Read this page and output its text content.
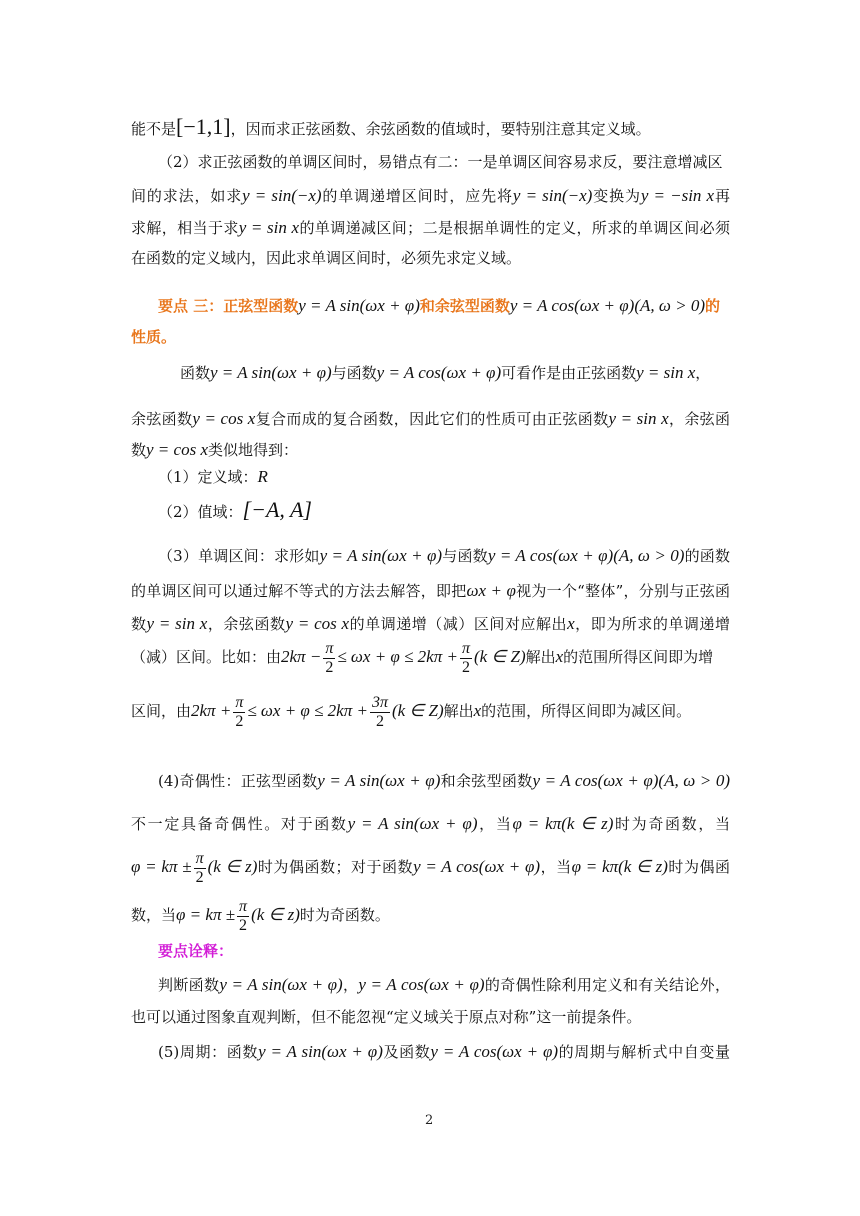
能不是[−1,1]，因而求正弦函数、余弦函数的值域时，要特别注意其定义域。
（2）求正弦函数的单调区间时，易错点有二：一是单调区间容易求反，要注意增减区
间的求法，如求y = sin(−x)的单调递增区间时，应先将y = sin(−x)变换为y = −sin x再
求解，相当于求y = sin x的单调递减区间；二是根据单调性的定义，所求的单调区间必须
在函数的定义域内，因此求单调区间时，必须先求定义域。
要点 三：正弦型函数y = A sin(ωx + φ)和余弦型函数y = A cos(ωx + φ)(A, ω > 0)的
性质。
函数y = A sin(ωx + φ)与函数y = A cos(ωx + φ)可看作是由正弦函数y = sin x，
余弦函数y = cos x复合而成的复合函数，因此它们的性质可由正弦函数y = sin x，余弦函
数y = cos x类似地得到：
（1）定义域：R
（2）值域：[−A, A]
（3）单调区间：求形如y = A sin(ωx + φ)与函数y = A cos(ωx + φ)(A, ω > 0)的函数
的单调区间可以通过解不等式的方法去解答，即把ωx + φ视为一个“整体”，分别与正弦函
数y = sin x，余弦函数y = cos x的单调递增（减）区间对应解出x，即为所求的单调递增
（减）区间。比如：由$2k\pi - \frac{\pi}{2} \le \omega x + \varphi \le 2k\pi + \frac{\pi}{2} (k$ ∈ Z)解出x的范围所得区间即为增
区间，由$2k\pi + \frac{\pi}{2} \le \omega x + \varphi \le 2k\pi + \frac{3\pi}{2} (k$ ∈ Z)解出x的范围，所得区间即为减区间。
(4)奇偶性：正弦型函数y = A sin(ωx + φ)和余弦型函数y = A cos(ωx + φ)(A, ω > 0)
不一定具备奇偶性。对于函数y = A sin(ωx + φ)，当φ = kπ(k ∈ z)时为奇函数，当
$\varphi = k\pi \pm \frac{\pi}{2} (k$ ∈ z)时为偶函数；对于函数y = A cos(ωx + φ)，当φ = kπ(k ∈ z)时为偶函
数，当$\varphi = k\pi \pm \frac{\pi}{2} (k$ ∈ z)时为奇函数。
要点诠释：
判断函数y = A sin(ωx + φ)，y = A cos(ωx + φ)的奇偶性除利用定义和有关结论外，
也可以通过图象直观判断，但不能忽视“定义域关于原点对称”这一前提条件。
(5)周期：函数y = A sin(ωx + φ)及函数y = A cos(ωx + φ)的周期与解析式中自变量
2
